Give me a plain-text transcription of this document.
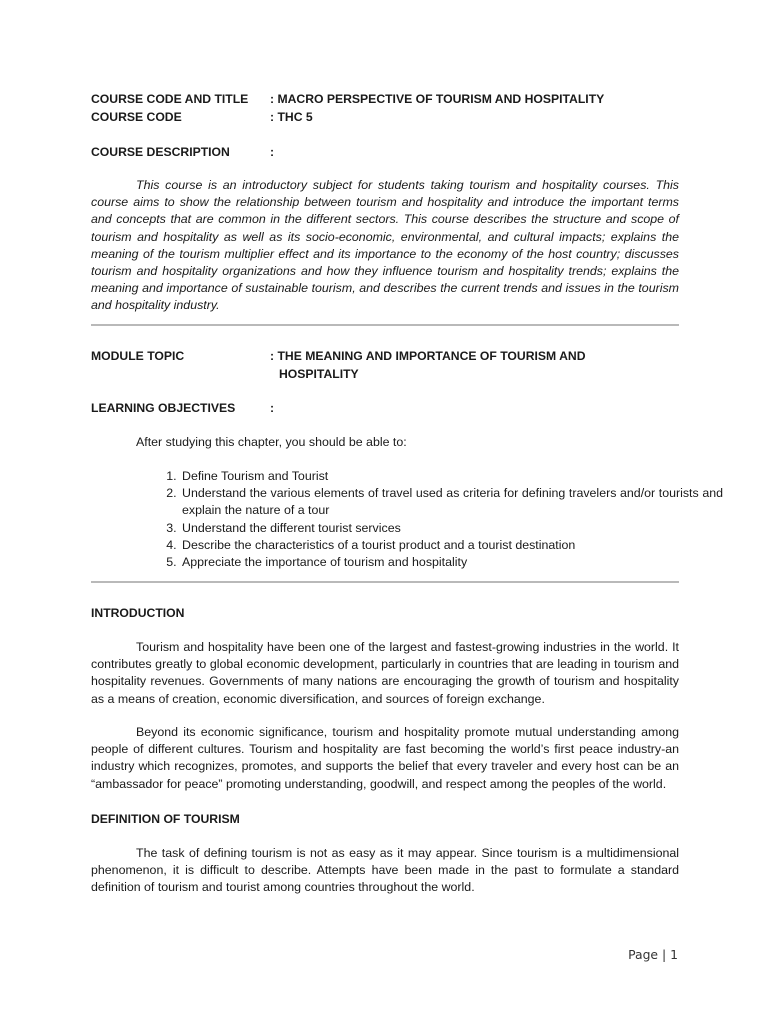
COURSE CODE AND TITLE : MACRO PERSPECTIVE OF TOURISM AND HOSPITALITY
COURSE CODE	: THC 5
COURSE DESCRIPTION	:

This course is an introductory subject for students taking tourism and hospitality courses. This course aims to show the relationship between tourism and hospitality and introduce the important terms and concepts that are common in the different sectors. This course describes the structure and scope of tourism and hospitality as well as its socio-economic, environmental, and cultural impacts; explains the meaning of the tourism multiplier effect and its importance to the economy of the host country; discusses tourism and hospitality organizations and how they influence tourism and hospitality trends; explains the meaning and importance of sustainable tourism, and describes the current trends and issues in the tourism and hospitality industry.

MODULE TOPIC	: THE MEANING AND IMPORTANCE OF TOURISM AND
HOSPITALITY
LEARNING OBJECTIVES	:

After studying this chapter, you should be able to:

1. Define Tourism and Tourist
2. Understand the various elements of travel used as criteria for defining travelers and/or tourists and explain the nature of a tour
3. Understand the different tourist services
4. Describe the characteristics of a tourist product and a tourist destination
5. Appreciate the importance of tourism and hospitality
INTRODUCTION

Tourism and hospitality have been one of the largest and fastest-growing industries in the world. It contributes greatly to global economic development, particularly in countries that are leading in tourism and hospitality revenues. Governments of many nations are encouraging the growth of tourism and hospitality as a means of creation, economic diversification, and sources of foreign exchange.

Beyond its economic significance, tourism and hospitality promote mutual understanding among people of different cultures. Tourism and hospitality are fast becoming the world’s first peace industry-an industry which recognizes, promotes, and supports the belief that every traveler and every host can be an “ambassador for peace” promoting understanding, goodwill, and respect among the peoples of the world.

DEFINITION OF TOURISM

The task of defining tourism is not as easy as it may appear. Since tourism is a multidimensional phenomenon, it is difficult to describe. Attempts have been made in the past to formulate a standard definition of tourism and tourist among countries throughout the world.

Page | 1
